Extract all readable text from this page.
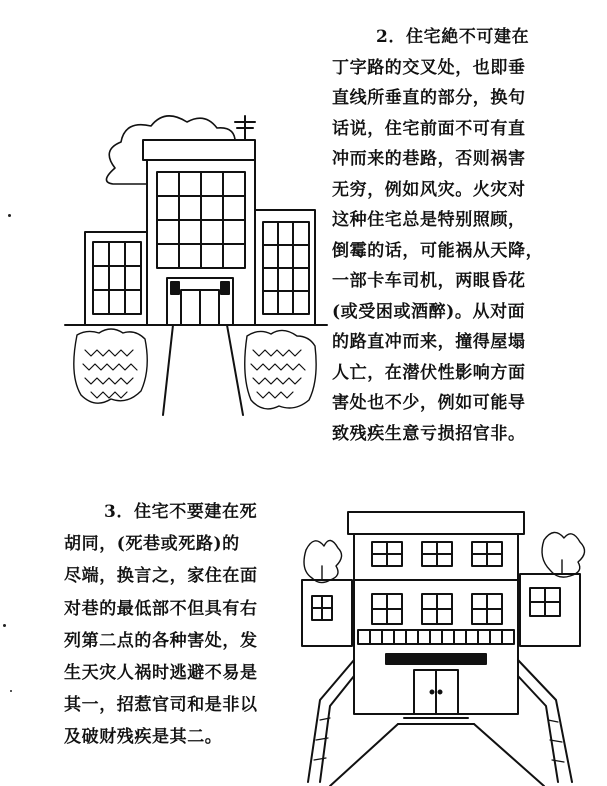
2．住宅絶不可建在
丁字路的交叉处，也即垂
直线所垂直的部分，换句
话说，住宅前面不可有直
冲而来的巷路，否则祸害
无穷，例如风灾。火灾对
这种住宅总是特别照顾，
倒霉的话，可能祸从天降，
一部卡车司机，两眼昏花
(或受困或酒醉)。从对面
的路直冲而来，撞得屋塌
人亡，在潜伏性影响方面
害处也不少，例如可能导
致残疾生意亏损招官非。
3．住宅不要建在死
胡同，(死巷或死路)的
尽端，换言之，家住在面
对巷的最低部不但具有右
列第二点的各种害处，发
生天灾人祸时逃避不易是
其一，招惹官司和是非以
及破财残疾是其二。
